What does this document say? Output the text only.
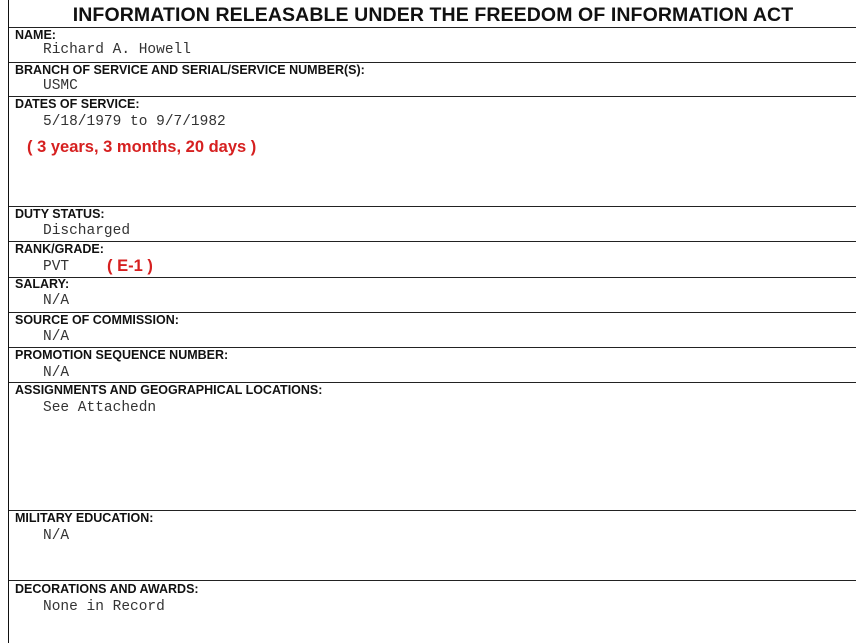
INFORMATION RELEASABLE UNDER THE FREEDOM OF INFORMATION ACT
NAME:
Richard A. Howell
BRANCH OF SERVICE AND SERIAL/SERVICE NUMBER(S):
USMC
DATES OF SERVICE:
5/18/1979 to 9/7/1982
( 3 years, 3 months, 20 days )
DUTY STATUS:
Discharged
RANK/GRADE:
PVT ( E-1 )
SALARY:
N/A
SOURCE OF COMMISSION:
N/A
PROMOTION SEQUENCE NUMBER:
N/A
ASSIGNMENTS AND GEOGRAPHICAL LOCATIONS:
See Attachedn
MILITARY EDUCATION:
N/A
DECORATIONS AND AWARDS:
None in Record
